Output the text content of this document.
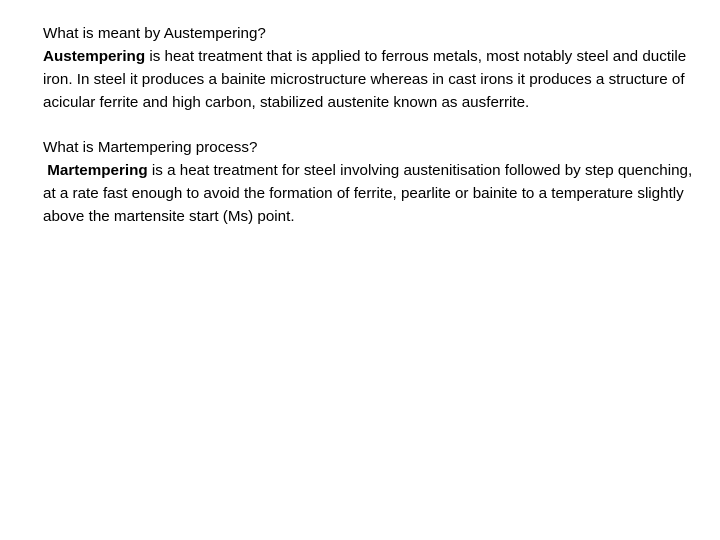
What is meant by Austempering?

Austempering is heat treatment that is applied to ferrous metals, most notably steel and ductile iron. In steel it produces a bainite microstructure whereas in cast irons it produces a structure of acicular ferrite and high carbon, stabilized austenite known as ausferrite.

What is Martempering process?

Martempering is a heat treatment for steel involving austenitisation followed by step quenching, at a rate fast enough to avoid the formation of ferrite, pearlite or bainite to a temperature slightly above the martensite start (Ms) point.
